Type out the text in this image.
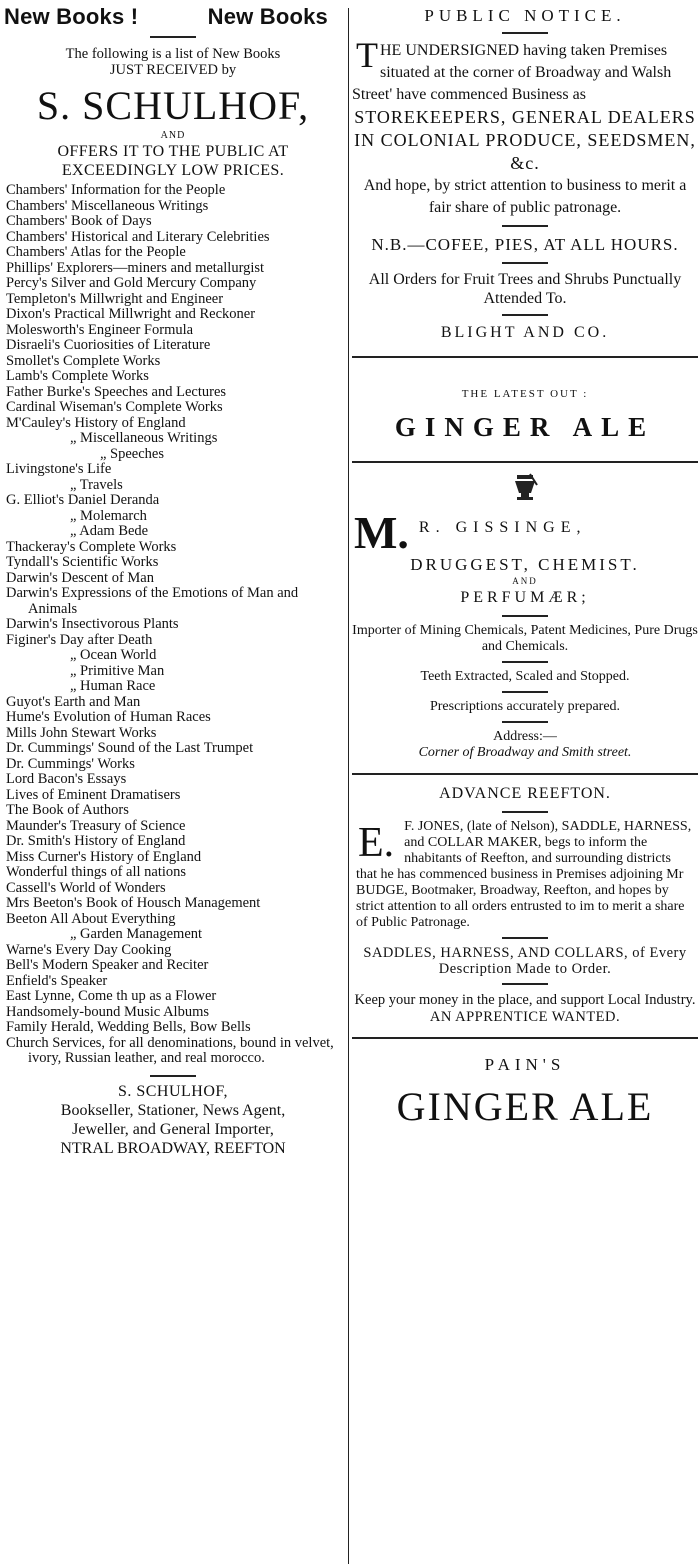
New Books !	New Books
The following is a list of New Books
JUST RECEIVED by
S. SCHULHOF,
AND
OFFERS IT TO THE PUBLIC AT
EXCEEDINGLY LOW PRICES.
Chambers' Information for the People
Chambers' Miscellaneous Writings
Chambers' Book of Days
Chambers' Historical and Literary Celebrities
Chambers' Atlas for the People
Phillips' Explorers—miners and metallurgist
Percy's Silver and Gold Mercury Company
Templeton's Millwright and Engineer
Dixon's Practical Millwright and Reckoner
Molesworth's Engineer Formula
Disraeli's Cuoriosities of Literature
Smollet's Complete Works
Lamb's Complete Works
Father Burke's Speeches and Lectures
Cardinal Wiseman's Complete Works
M'Cauley's History of England
„ Miscellaneous Writings
„ Speeches
Livingstone's Life
„ Travels
G. Elliot's Daniel Deranda
„ Molemarch
„ Adam Bede
Thackeray's Complete Works
Tyndall's Scientific Works
Darwin's Descent of Man
Darwin's Expressions of the Emotions of Man and Animals
Darwin's Insectivorous Plants
Figiner's Day after Death
„ Ocean World
„ Primitive Man
„ Human Race
Guyot's Earth and Man
Hume's Evolution of Human Races
Mills John Stewart Works
Dr. Cummings' Sound of the Last Trumpet
Dr. Cummings' Works
Lord Bacon's Essays
Lives of Eminent Dramatisers
The Book of Authors
Maunder's Treasury of Science
Dr. Smith's History of England
Miss Curner's History of England
Wonderful things of all nations
Cassell's World of Wonders
Mrs Beeton's Book of Housch Management
Beeton All About Everything
„ Garden Management
Warne's Every Day Cooking
Bell's Modern Speaker and Reciter
Enfield's Speaker
East Lynne, Come th up as a Flower
Handsomely-bound Music Albums
Family Herald, Wedding Bells, Bow Bells
Church Services, for all denominations, bound in velvet, ivory, Russian leather, and real morocco.
S. SCHULHOF,
Bookseller, Stationer, News Agent,
Jeweller, and General Importer,
NTRAL BROADWAY, REEFTON
PUBLIC NOTICE.
T HE UNDERSIGNED having taken Premises situated at the corner of Broadway and Walsh Street' have commenced Business as
STOREKEEPERS, GENERAL DEALERS IN COLONIAL PRODUCE, SEEDSMEN, &c.
And hope, by strict attention to business to merit a fair share of public patronage.
N.B.—COFEE, PIES, AT ALL HOURS.
All Orders for Fruit Trees and Shrubs Punctually Attended To.
BLIGHT AND CO.
THE LATEST OUT :
GINGER ALE
M. R. GISSINGE,
DRUGGEST, CHEMIST.
AND
PERFUMÆR;
Importer of Mining Chemicals, Patent Medicines, Pure Drugs and Chemicals.
Teeth Extracted, Scaled and Stopped.
Prescriptions accurately prepared.
Address:—
Corner of Broadway and Smith street.
ADVANCE REEFTON.
E. F. JONES, (late of Nelson), SADDLE, HARNESS, and COLLAR MAKER, begs to inform the nhabitants of Reefton, and surrounding districts that he has commenced business in Premises adjoining Mr BUDGE, Bootmaker, Broadway, Reefton, and hopes by strict attention to all orders entrusted to im to merit a share of Public Patronage.
SADDLES, HARNESS, AND COLLARS, of Every Description Made to Order.
Keep your money in the place, and support Local Industry.
AN APPRENTICE WANTED.
PAIN'S
GINGER ALE
